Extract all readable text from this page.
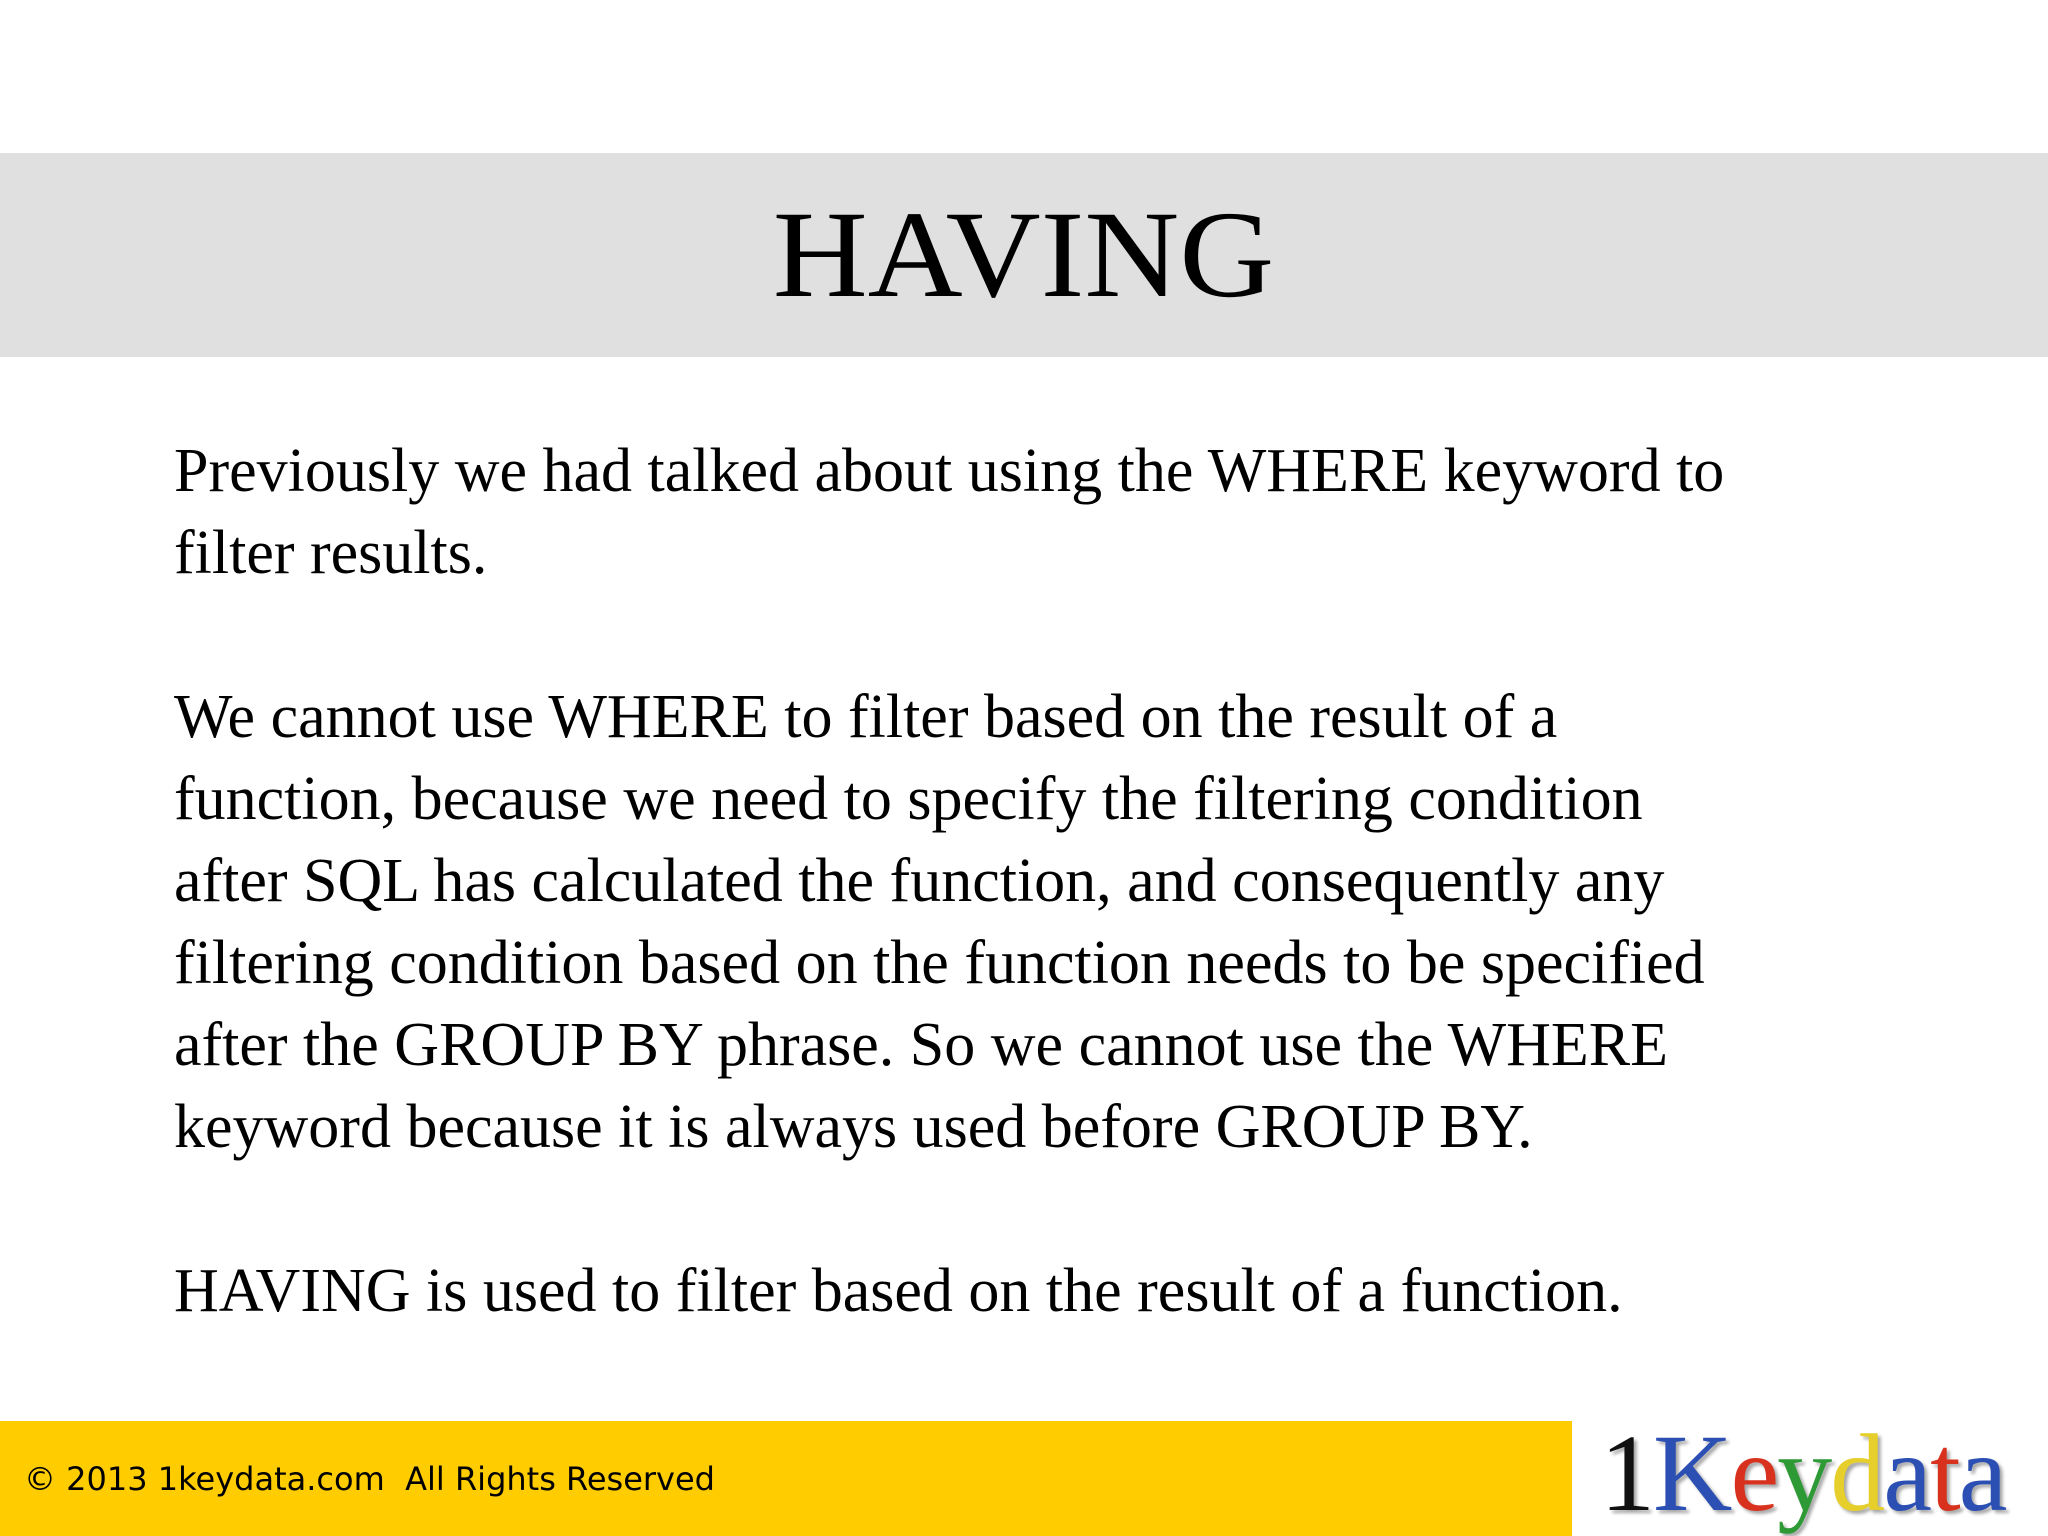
HAVING

Previously we had talked about using the WHERE keyword to
filter results.

We cannot use WHERE to filter based on the result of a
function, because we need to specify the filtering condition
after SQL has calculated the function, and consequently any
filtering condition based on the function needs to be specified
after the GROUP BY phrase. So we cannot use the WHERE
keyword because it is always used before GROUP BY.

HAVING is used to filter based on the result of a function.

© 2013 1keydata.com  All Rights Reserved	1 K e y d a t a
